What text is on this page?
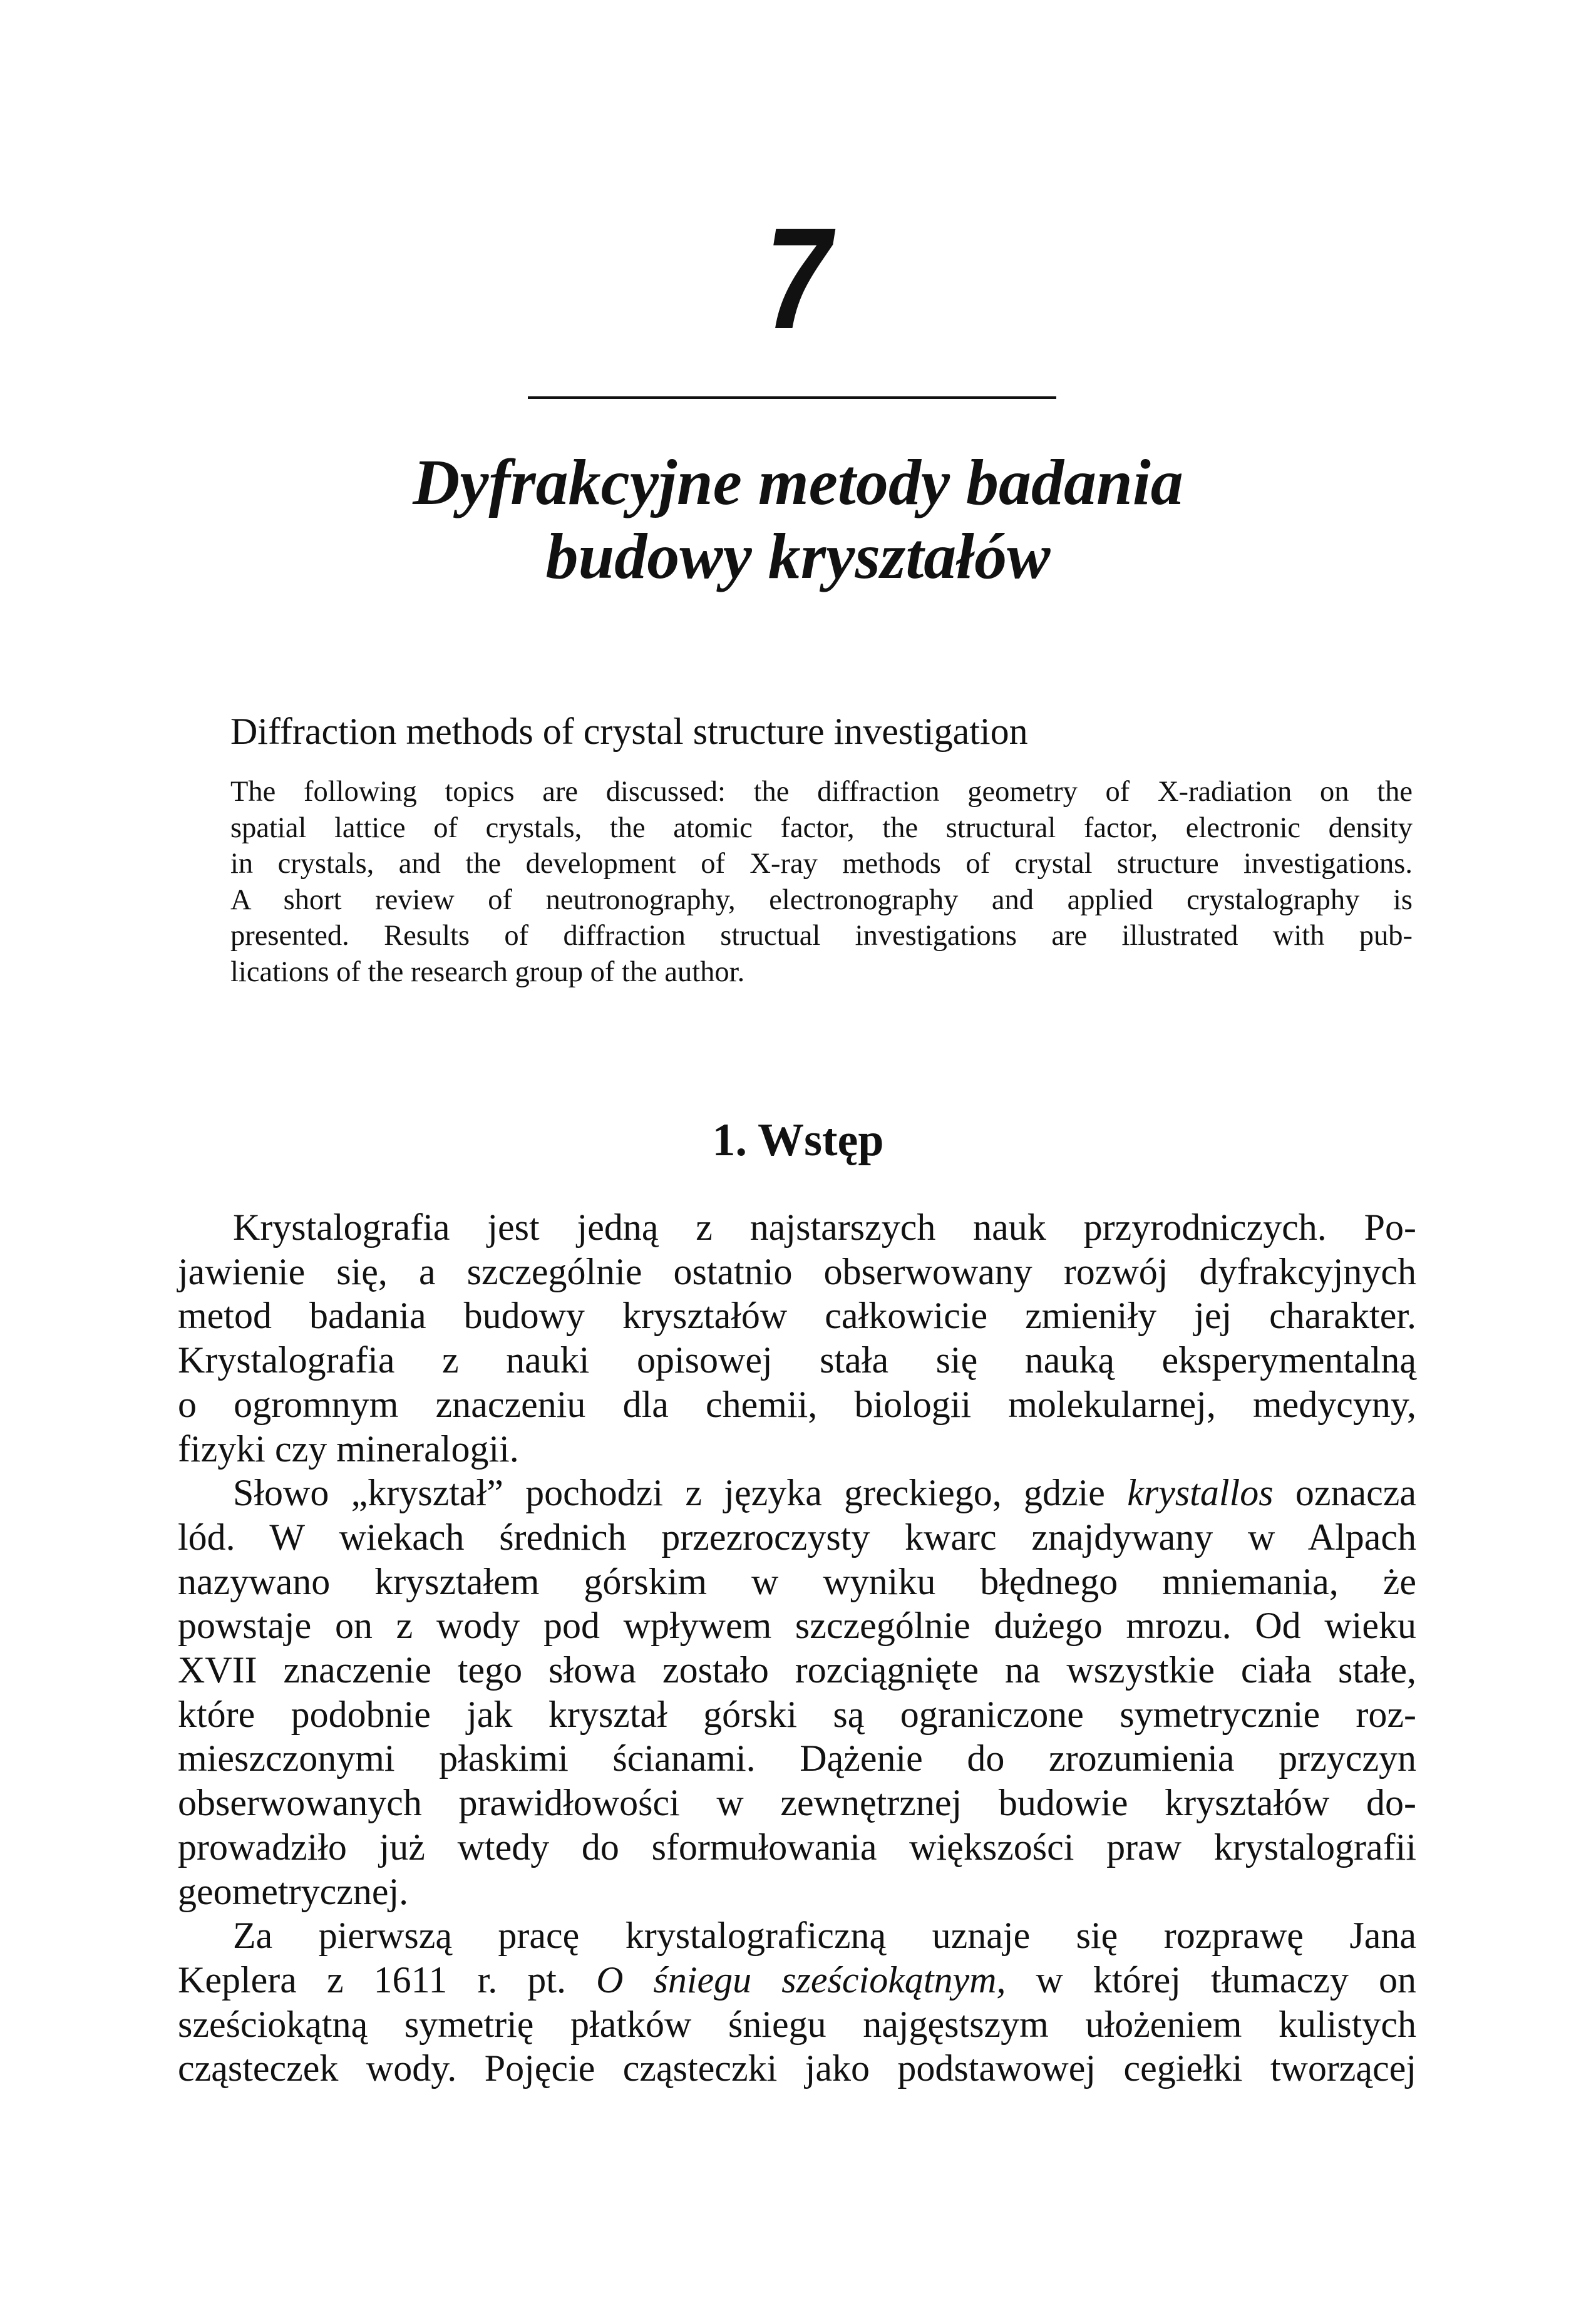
7
Dyfrakcyjne metody badania
budowy kryształów
Diffraction methods of crystal structure investigation
The following topics are discussed: the diffraction geometry of X-radiation on the
spatial lattice of crystals, the atomic factor, the structural factor, electronic density
in crystals, and the development of X-ray methods of crystal structure investigations.
A short review of neutronography, electronography and applied crystalography is
presented. Results of diffraction structual investigations are illustrated with pub-
lications of the research group of the author.
1. Wstęp
Krystalografia jest jedną z najstarszych nauk przyrodniczych. Po-
jawienie się, a szczególnie ostatnio obserwowany rozwój dyfrakcyjnych
metod badania budowy kryształów całkowicie zmieniły jej charakter.
Krystalografia z nauki opisowej stała się nauką eksperymentalną
o ogromnym znaczeniu dla chemii, biologii molekularnej, medycyny,
fizyki czy mineralogii.
Słowo „kryształ” pochodzi z języka greckiego, gdzie krystallos oznacza
lód. W wiekach średnich przezroczysty kwarc znajdywany w Alpach
nazywano kryształem górskim w wyniku błędnego mniemania, że
powstaje on z wody pod wpływem szczególnie dużego mrozu. Od wieku
XVII znaczenie tego słowa zostało rozciągnięte na wszystkie ciała stałe,
które podobnie jak kryształ górski są ograniczone symetrycznie roz-
mieszczonymi płaskimi ścianami. Dążenie do zrozumienia przyczyn
obserwowanych prawidłowości w zewnętrznej budowie kryształów do-
prowadziło już wtedy do sformułowania większości praw krystalografii
geometrycznej.
Za pierwszą pracę krystalograficzną uznaje się rozprawę Jana
Keplera z 1611 r. pt. O śniegu sześciokątnym, w której tłumaczy on
sześciokątną symetrię płatków śniegu najgęstszym ułożeniem kulistych
cząsteczek wody. Pojęcie cząsteczki jako podstawowej cegiełki tworzącej
